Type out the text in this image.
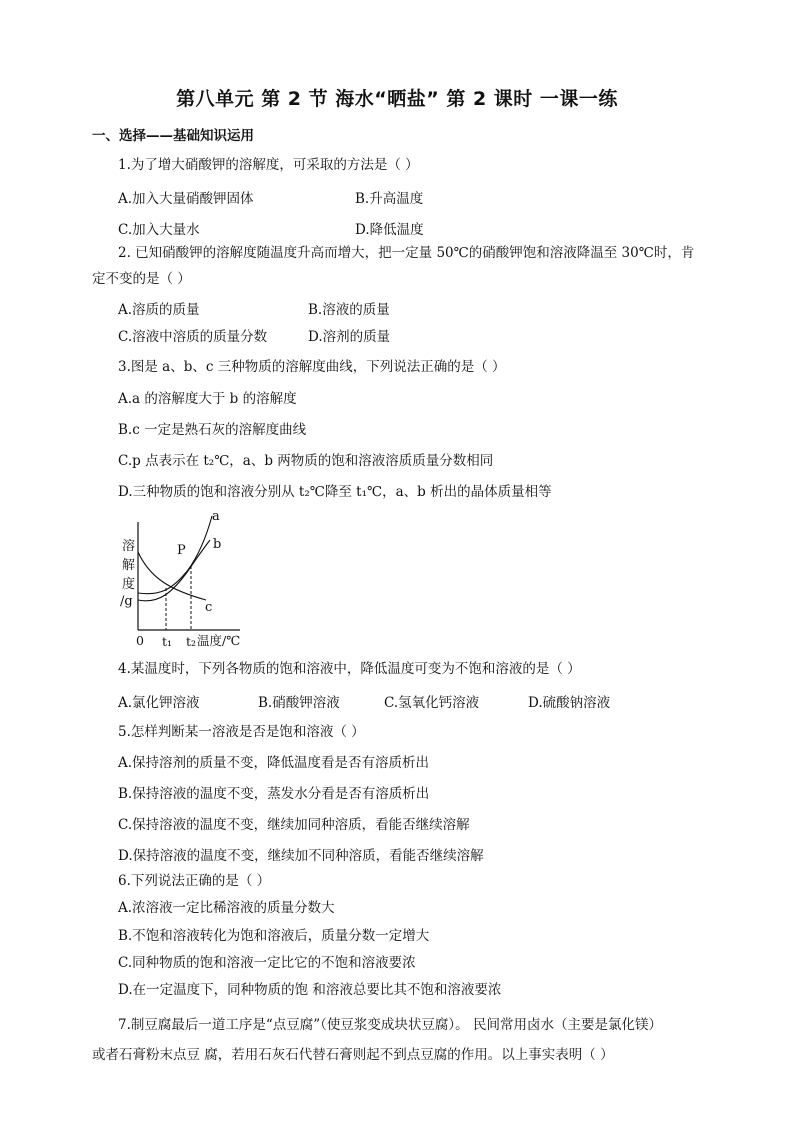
第八单元 第 2 节 海水“晒盐” 第 2 课时 一课一练
一、选择——基础知识运用
1.为了增大硝酸钾的溶解度，可采取的方法是（ ）
A.加入大量硝酸钾固体	B.升高温度
C.加入大量水	D.降低温度
2. 已知硝酸钾的溶解度随温度升高而增大，把一定量 50℃的硝酸钾饱和溶液降温至 30℃时，肯
定不变的是（ ）
A.溶质的质量	B.溶液的质量
C.溶液中溶质的质量分数	D.溶剂的质量
3.图是 a、b、c 三种物质的溶解度曲线，下列说法正确的是（ ）
A.a 的溶解度大于 b 的溶解度
B.c 一定是熟石灰的溶解度曲线
C.p 点表示在 t₂℃，a、b 两物质的饱和溶液溶质质量分数相同
D.三种物质的饱和溶液分别从 t₂℃降至 t₁℃，a、b 析出的晶体质量相等
溶
解
度
/g
a
b
c
P
0 t₁ t₂ 温度/℃
4.某温度时，下列各物质的饱和溶液中，降低温度可变为不饱和溶液的是（ ）
A.氯化钾溶液	B.硝酸钾溶液	C.氢氧化钙溶液	D.硫酸钠溶液
5.怎样判断某一溶液是否是饱和溶液（ ）
A.保持溶剂的质量不变，降低温度看是否有溶质析出
B.保持溶液的温度不变，蒸发水分看是否有溶质析出
C.保持溶液的温度不变，继续加同种溶质，看能否继续溶解
D.保持溶液的温度不变，继续加不同种溶质，看能否继续溶解
6.下列说法正确的是（ ）
A.浓溶液一定比稀溶液的质量分数大
B.不饱和溶液转化为饱和溶液后，质量分数一定增大
C.同种物质的饱和溶液一定比它的不饱和溶液要浓
D.在一定温度下，同种物质的饱 和溶液总要比其不饱和溶液要浓
7.制豆腐最后一道工序是“点豆腐”（使豆浆变成块状豆腐）。 民间常用卤水（主要是氯化镁）
或者石膏粉末点豆 腐，若用石灰石代替石膏则起不到点豆腐的作用。以上事实表明（ ）
